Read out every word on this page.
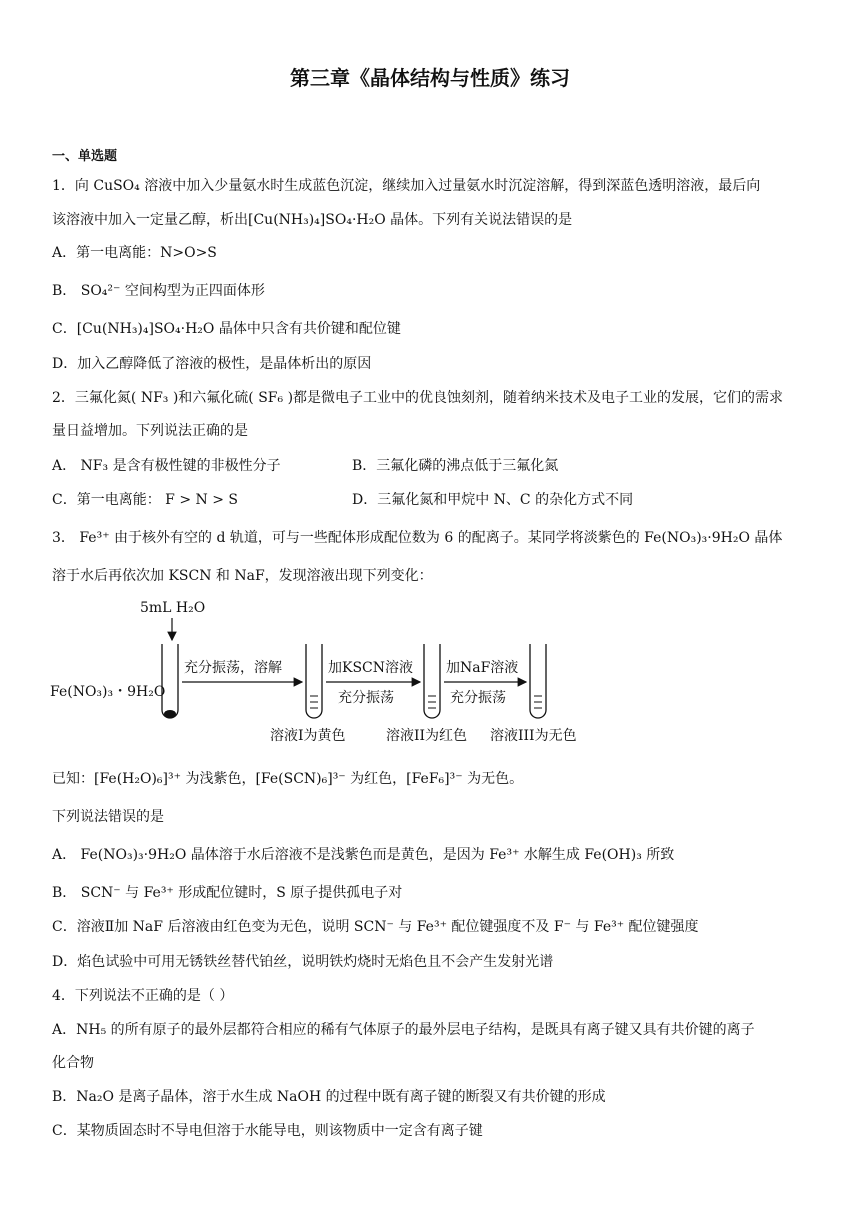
第三章《晶体结构与性质》练习
一、单选题
1．向 CuSO₄ 溶液中加入少量氨水时生成蓝色沉淀，继续加入过量氨水时沉淀溶解，得到深蓝色透明溶液，最后向
该溶液中加入一定量乙醇，析出[Cu(NH₃)₄]SO₄·H₂O 晶体。下列有关说法错误的是
A．第一电离能：N>O>S
B． SO₄²⁻ 空间构型为正四面体形
C．[Cu(NH₃)₄]SO₄·H₂O 晶体中只含有共价键和配位键
D．加入乙醇降低了溶液的极性，是晶体析出的原因
2．三氟化氮( NF₃ )和六氟化硫( SF₆ )都是微电子工业中的优良蚀刻剂，随着纳米技术及电子工业的发展，它们的需求
量日益增加。下列说法正确的是
A． NF₃ 是含有极性键的非极性分子	B．三氟化磷的沸点低于三氟化氮
C．第一电离能： F > N > S	D．三氟化氮和甲烷中 N、C 的杂化方式不同
3． Fe³⁺ 由于核外有空的 d 轨道，可与一些配体形成配位数为 6 的配离子。某同学将淡紫色的 Fe(NO₃)₃·9H₂O 晶体
溶于水后再依次加 KSCN 和 NaF，发现溶液出现下列变化：
5mL H₂O
Fe(NO₃)₃・9H₂O
充分振荡，溶解
溶液I为黄色
加KSCN溶液
充分振荡
溶液II为红色
加NaF溶液
充分振荡
溶液III为无色
已知：[Fe(H₂O)₆]³⁺ 为浅紫色，[Fe(SCN)₆]³⁻ 为红色，[FeF₆]³⁻ 为无色。
下列说法错误的是
A． Fe(NO₃)₃·9H₂O 晶体溶于水后溶液不是浅紫色而是黄色，是因为 Fe³⁺ 水解生成 Fe(OH)₃ 所致
B． SCN⁻ 与 Fe³⁺ 形成配位键时，S 原子提供孤电子对
C．溶液Ⅱ加 NaF 后溶液由红色变为无色，说明 SCN⁻ 与 Fe³⁺ 配位键强度不及 F⁻ 与 Fe³⁺ 配位键强度
D．焰色试验中可用无锈铁丝替代铂丝，说明铁灼烧时无焰色且不会产生发射光谱
4．下列说法不正确的是（ ）
A．NH₅ 的所有原子的最外层都符合相应的稀有气体原子的最外层电子结构，是既具有离子键又具有共价键的离子
化合物
B．Na₂O 是离子晶体，溶于水生成 NaOH 的过程中既有离子键的断裂又有共价键的形成
C．某物质固态时不导电但溶于水能导电，则该物质中一定含有离子键
